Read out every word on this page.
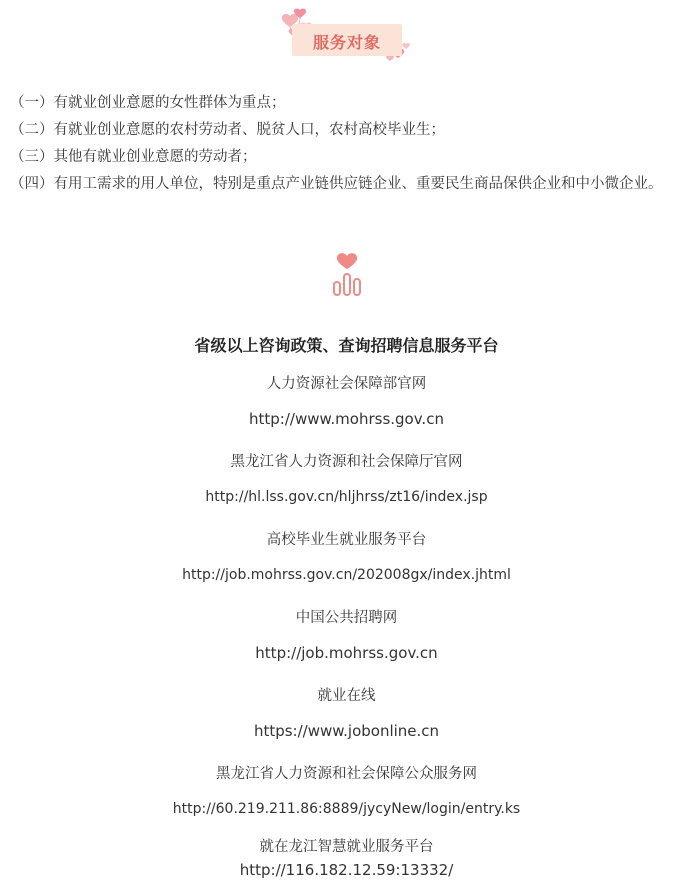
服务对象

（一）有就业创业意愿的女性群体为重点；

（二）有就业创业意愿的农村劳动者、脱贫人口，农村高校毕业生；

（三）其他有就业创业意愿的劳动者；

（四）有用工需求的用人单位，特别是重点产业链供应链企业、重要民生商品保供企业和中小微企业。

省级以上咨询政策、查询招聘信息服务平台
人力资源社会保障部官网
http://www.mohrss.gov.cn
黑龙江省人力资源和社会保障厅官网
http://hl.lss.gov.cn/hljhrss/zt16/index.jsp
高校毕业生就业服务平台
http://job.mohrss.gov.cn/202008gx/index.jhtml
中国公共招聘网
http://job.mohrss.gov.cn
就业在线
https://www.jobonline.cn
黑龙江省人力资源和社会保障公众服务网
http://60.219.211.86:8889/jycyNew/login/entry.ks
就在龙江智慧就业服务平台
http://116.182.12.59:13332/
